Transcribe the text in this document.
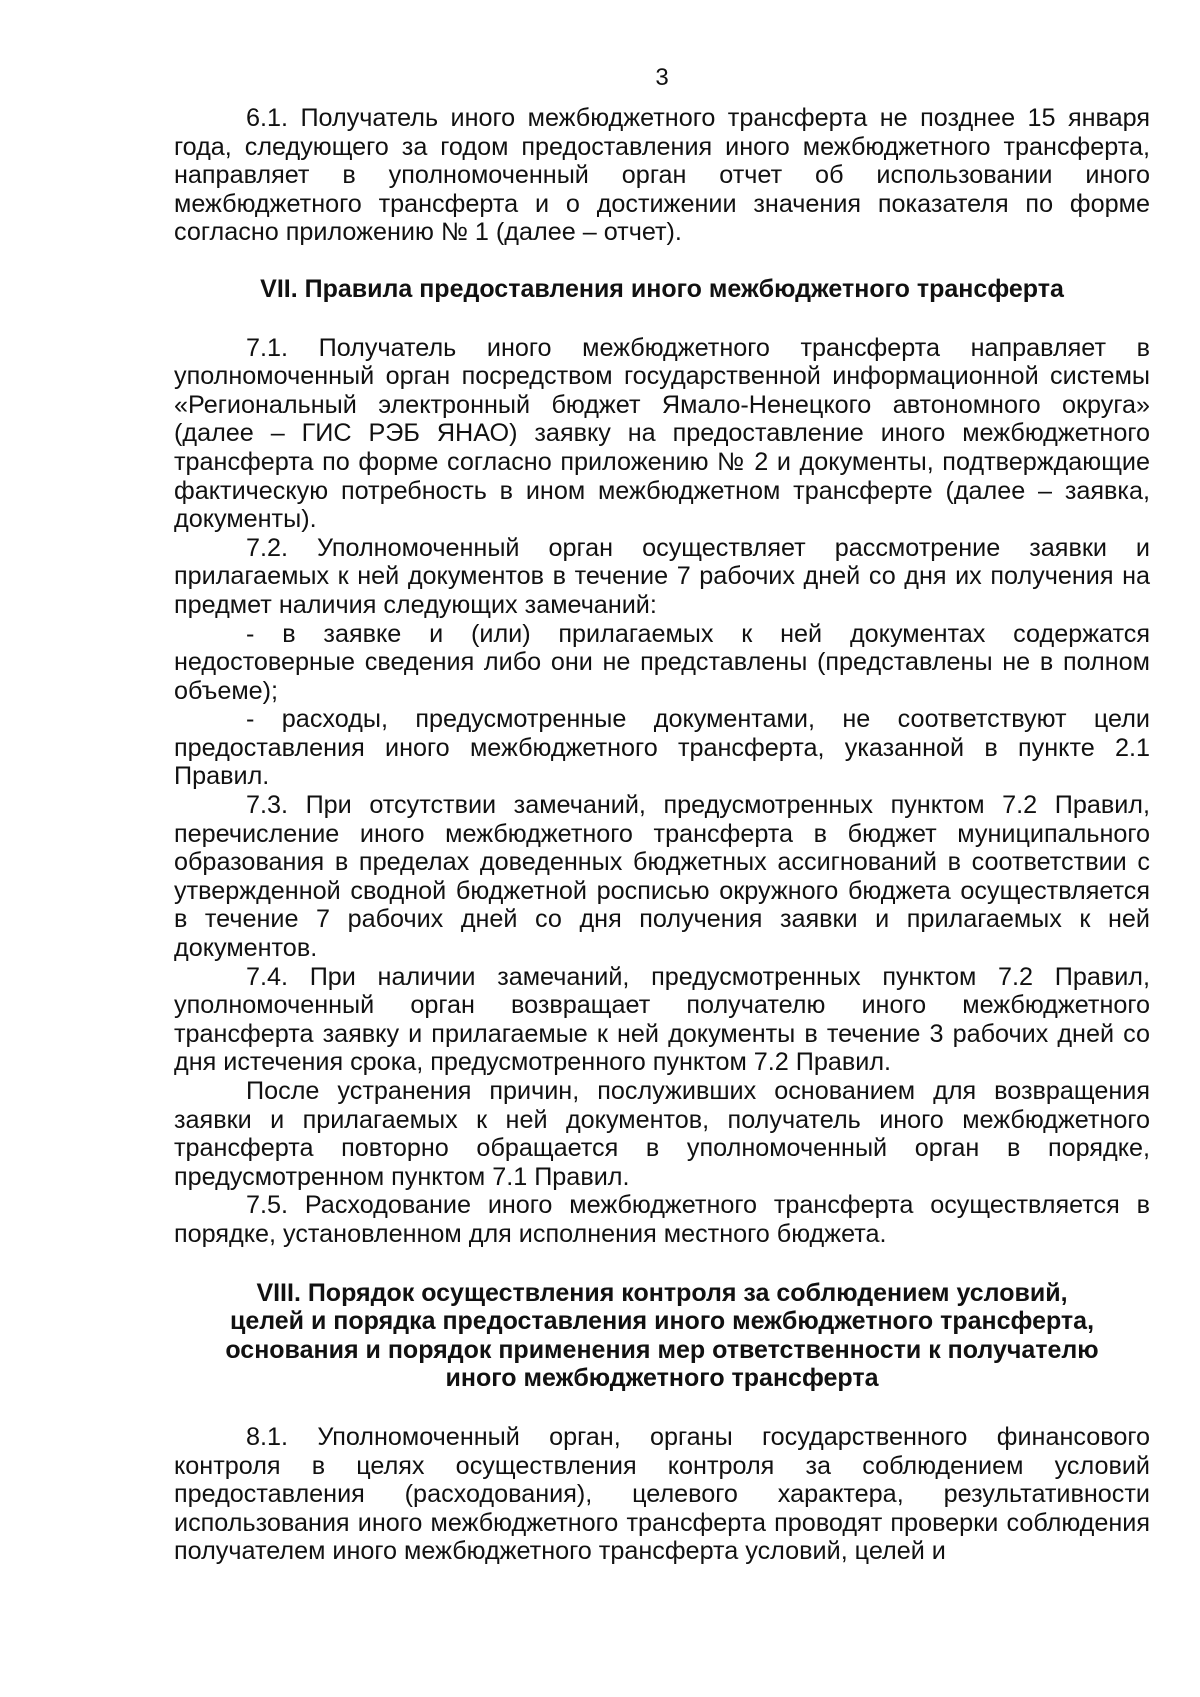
3

6.1. Получатель иного межбюджетного трансферта не позднее 15 января года, следующего за годом предоставления иного межбюджетного трансферта, направляет в уполномоченный орган отчет об использовании иного межбюджетного трансферта и о достижении значения показателя по форме согласно приложению № 1 (далее – отчет).

VII. Правила предоставления иного межбюджетного трансферта

7.1. Получатель иного межбюджетного трансферта направляет в уполномоченный орган посредством государственной информационной системы «Региональный электронный бюджет Ямало-Ненецкого автономного округа» (далее – ГИС РЭБ ЯНАО) заявку на предоставление иного межбюджетного трансферта по форме согласно приложению № 2 и документы, подтверждающие фактическую потребность в ином межбюджетном трансферте (далее – заявка, документы).

7.2. Уполномоченный орган осуществляет рассмотрение заявки и прилагаемых к ней документов в течение 7 рабочих дней со дня их получения на предмет наличия следующих замечаний:

- в заявке и (или) прилагаемых к ней документах содержатся недостоверные сведения либо они не представлены (представлены не в полном объеме);

- расходы, предусмотренные документами, не соответствуют цели предоставления иного межбюджетного трансферта, указанной в пункте 2.1 Правил.

7.3. При отсутствии замечаний, предусмотренных пунктом 7.2 Правил, перечисление иного межбюджетного трансферта в бюджет муниципального образования в пределах доведенных бюджетных ассигнований в соответствии с утвержденной сводной бюджетной росписью окружного бюджета осуществляется в течение 7 рабочих дней со дня получения заявки и прилагаемых к ней документов.

7.4. При наличии замечаний, предусмотренных пунктом 7.2 Правил, уполномоченный орган возвращает получателю иного межбюджетного трансферта заявку и прилагаемые к ней документы в течение 3 рабочих дней со дня истечения срока, предусмотренного пунктом 7.2 Правил.

После устранения причин, послуживших основанием для возвращения заявки и прилагаемых к ней документов, получатель иного межбюджетного трансферта повторно обращается в уполномоченный орган в порядке, предусмотренном пунктом 7.1 Правил.

7.5. Расходование иного межбюджетного трансферта осуществляется в порядке, установленном для исполнения местного бюджета.

VIII. Порядок осуществления контроля за соблюдением условий,
целей и порядка предоставления иного межбюджетного трансферта,
основания и порядок применения мер ответственности к получателю
иного межбюджетного трансферта

8.1. Уполномоченный орган, органы государственного финансового контроля в целях осуществления контроля за соблюдением условий предоставления (расходования), целевого характера, результативности использования иного межбюджетного трансферта проводят проверки соблюдения получателем иного межбюджетного трансферта условий, целей и
